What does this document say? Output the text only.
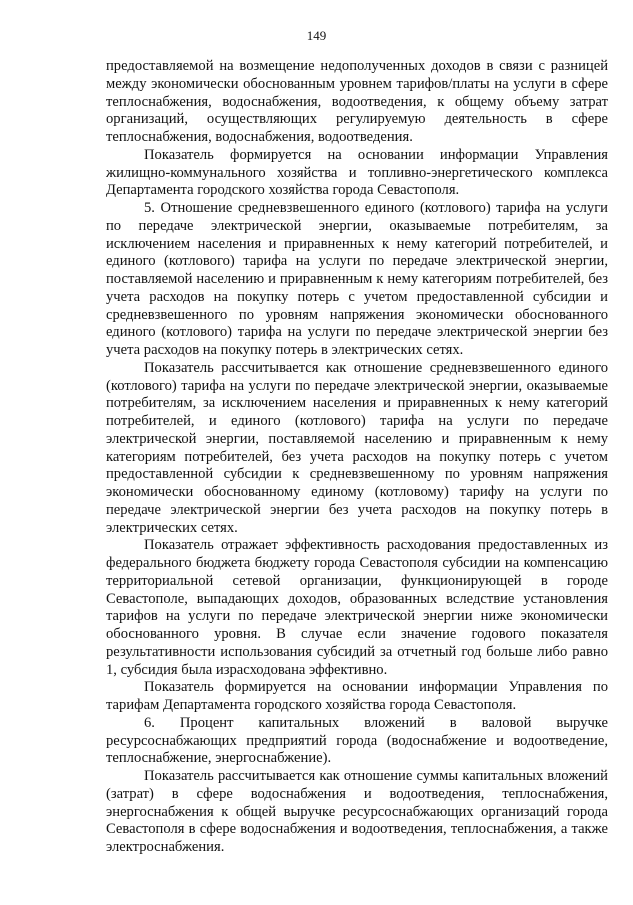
149

предоставляемой на возмещение недополученных доходов в связи с разницей между экономически обоснованным уровнем тарифов/платы на услуги в сфере теплоснабжения, водоснабжения, водоотведения, к общему объему затрат организаций, осуществляющих регулируемую деятельность в сфере теплоснабжения, водоснабжения, водоотведения.

Показатель формируется на основании информации Управления жилищно-коммунального хозяйства и топливно-энергетического комплекса Департамента городского хозяйства города Севастополя.

5. Отношение средневзвешенного единого (котлового) тарифа на услуги по передаче электрической энергии, оказываемые потребителям, за исключением населения и приравненных к нему категорий потребителей, и единого (котлового) тарифа на услуги по передаче электрической энергии, поставляемой населению и приравненным к нему категориям потребителей, без учета расходов на покупку потерь с учетом предоставленной субсидии и средневзвешенного по уровням напряжения экономически обоснованного единого (котлового) тарифа на услуги по передаче электрической энергии без учета расходов на покупку потерь в электрических сетях.

Показатель рассчитывается как отношение средневзвешенного единого (котлового) тарифа на услуги по передаче электрической энергии, оказываемые потребителям, за исключением населения и приравненных к нему категорий потребителей, и единого (котлового) тарифа на услуги по передаче электрической энергии, поставляемой населению и приравненным к нему категориям потребителей, без учета расходов на покупку потерь с учетом предоставленной субсидии к средневзвешенному по уровням напряжения экономически обоснованному единому (котловому) тарифу на услуги по передаче электрической энергии без учета расходов на покупку потерь в электрических сетях.

Показатель отражает эффективность расходования предоставленных из федерального бюджета бюджету города Севастополя субсидии на компенсацию территориальной сетевой организации, функционирующей в городе Севастополе, выпадающих доходов, образованных вследствие установления тарифов на услуги по передаче электрической энергии ниже экономически обоснованного уровня. В случае если значение годового показателя результативности использования субсидий за отчетный год больше либо равно 1, субсидия была израсходована эффективно.

Показатель формируется на основании информации Управления по тарифам Департамента городского хозяйства города Севастополя.

6. Процент капитальных вложений в валовой выручке ресурсоснабжающих предприятий города (водоснабжение и водоотведение, теплоснабжение, энергоснабжение).

Показатель рассчитывается как отношение суммы капитальных вложений (затрат) в сфере водоснабжения и водоотведения, теплоснабжения, энергоснабжения к общей выручке ресурсоснабжающих организаций города Севастополя в сфере водоснабжения и водоотведения, теплоснабжения, а также электроснабжения.
